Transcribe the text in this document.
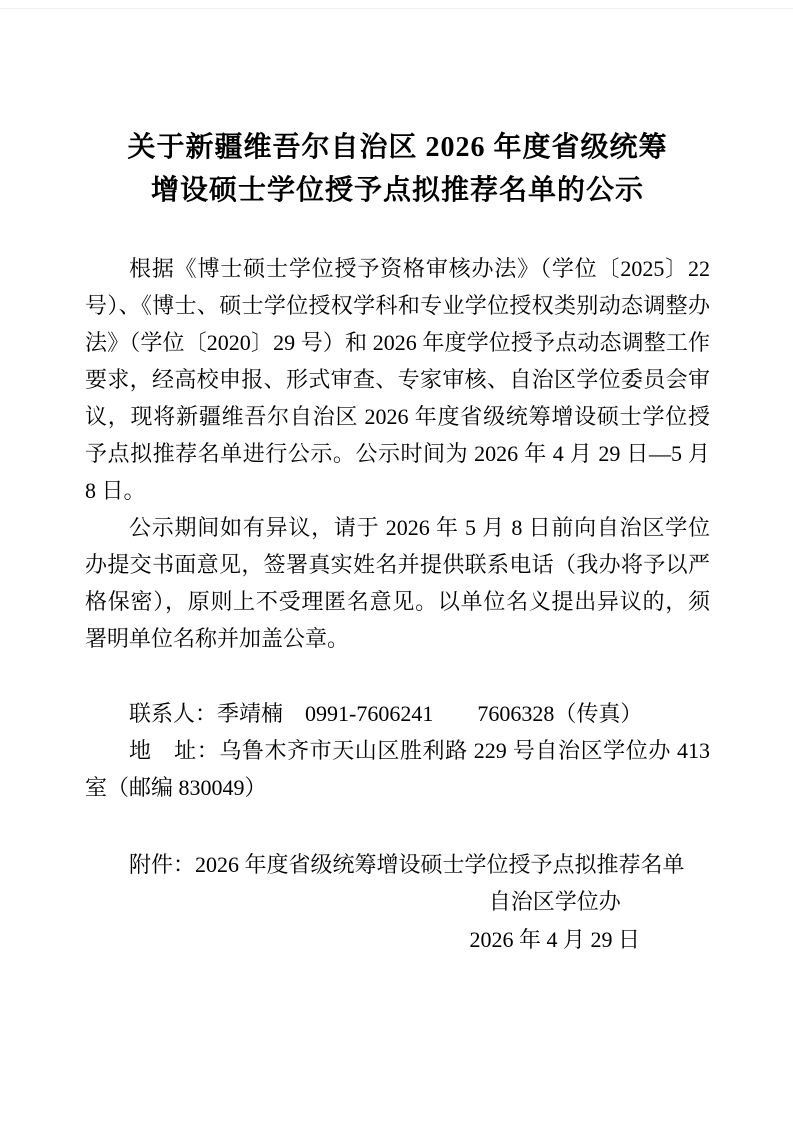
关于新疆维吾尔自治区 2026 年度省级统筹
增设硕士学位授予点拟推荐名单的公示

根据《博士硕士学位授予资格审核办法》（学位〔2025〕22 号）、《博士、硕士学位授权学科和专业学位授权类别动态调整办法》（学位〔2020〕29 号）和 2026 年度学位授予点动态调整工作要求，经高校申报、形式审查、专家审核、自治区学位委员会审议，现将新疆维吾尔自治区 2026 年度省级统筹增设硕士学位授予点拟推荐名单进行公示。公示时间为 2026 年 4 月 29 日—5 月 8 日。

公示期间如有异议，请于 2026 年 5 月 8 日前向自治区学位办提交书面意见，签署真实姓名并提供联系电话（我办将予以严格保密），原则上不受理匿名意见。以单位名义提出异议的，须署明单位名称并加盖公章。

联系人：季靖楠　0991-7606241　　7606328（传真）

地　址：乌鲁木齐市天山区胜利路 229 号自治区学位办 413 室（邮编 830049）

附件：2026 年度省级统筹增设硕士学位授予点拟推荐名单

自治区学位办
2026 年 4 月 29 日
